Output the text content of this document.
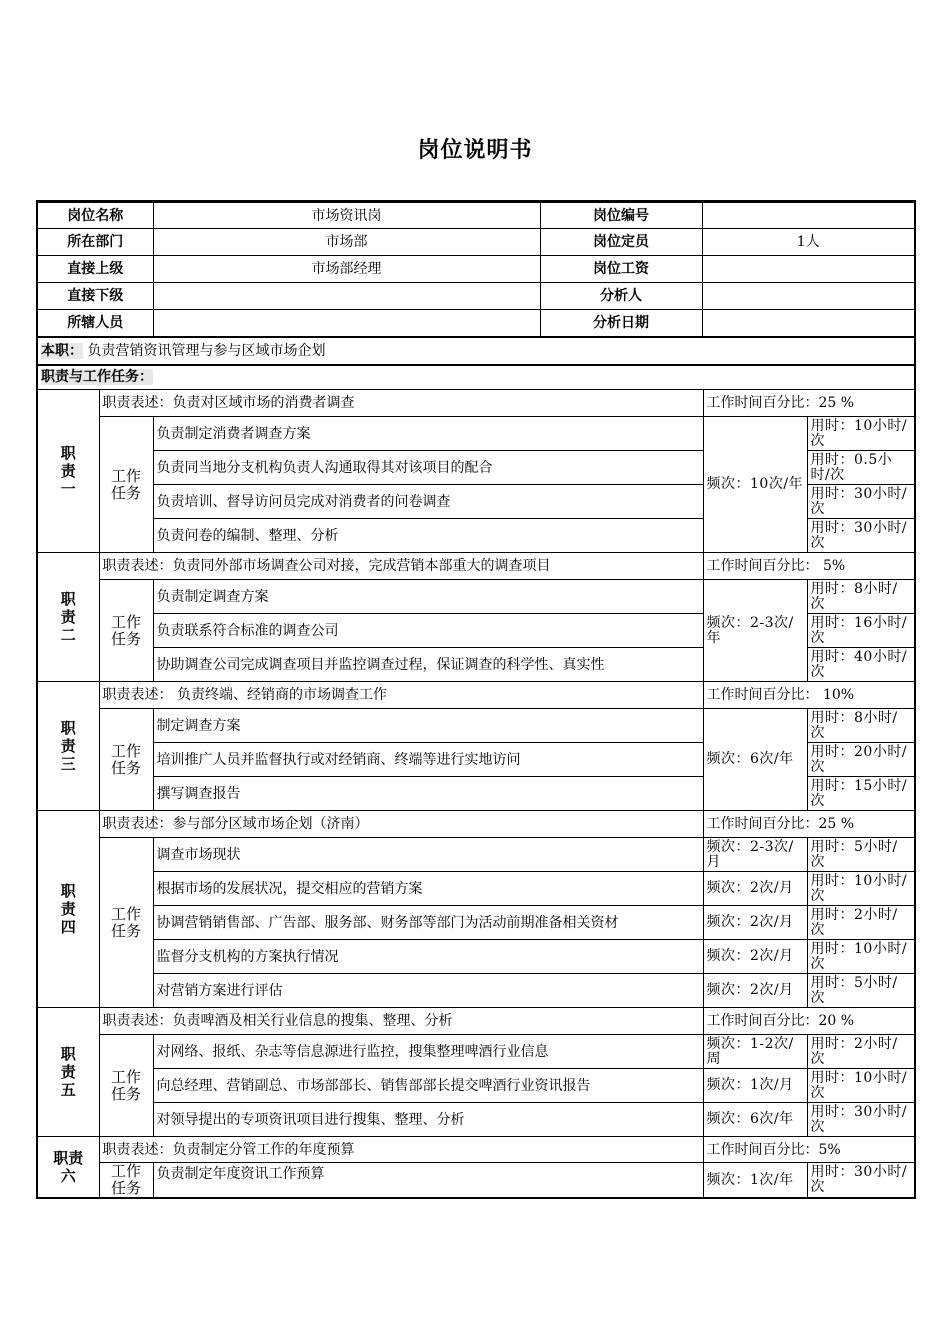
岗位说明书
岗位名称	市场资讯岗	岗位编号	
所在部门	市场部	岗位定员	1人
直接上级	市场部经理	岗位工资	
直接下级		分析人	
所辖人员		分析日期	
本职： 负责营销资讯管理与参与区域市场企划				
职责与工作任务：				
职责一	职责表述：负责对区域市场的消费者调查		工作时间百分比：25 %	
	工作任务	负责制定消费者调查方案	频次：10次/年	用时：10小时/次
		负责同当地分支机构负责人沟通取得其对该项目的配合		用时：0.5小时/次
		负责培训、督导访问员完成对消费者的问卷调查		用时：30小时/次
		负责问卷的编制、整理、分析		用时：30小时/次
职责二	职责表述：负责同外部市场调查公司对接，完成营销本部重大的调查项目		工作时间百分比： 5%	
	工作任务	负责制定调查方案	频次：2-3次/年	用时：8小时/次
		负责联系符合标准的调查公司		用时：16小时/次
		协助调查公司完成调查项目并监控调查过程，保证调查的科学性、真实性		用时：40小时/次
职责三	职责表述： 负责终端、经销商的市场调查工作		工作时间百分比： 10%	
	工作任务	制定调查方案	频次：6次/年	用时：8小时/次
		培训推广人员并监督执行或对经销商、终端等进行实地访问		用时：20小时/次
		撰写调查报告		用时：15小时/次
职责四	职责表述：参与部分区域市场企划（济南）		工作时间百分比：25 %	
	工作任务	调查市场现状	频次：2-3次/月	用时：5小时/次
		根据市场的发展状况，提交相应的营销方案	频次：2次/月	用时：10小时/次
		协调营销销售部、广告部、服务部、财务部等部门为活动前期准备相关资材	频次：2次/月	用时：2小时/次
		监督分支机构的方案执行情况	频次：2次/月	用时：10小时/次
		对营销方案进行评估	频次：2次/月	用时：5小时/次
职责五	职责表述：负责啤酒及相关行业信息的搜集、整理、分析		工作时间百分比：20 %	
	工作任务	对网络、报纸、杂志等信息源进行监控，搜集整理啤酒行业信息	频次：1-2次/ 周	用时：2小时/次
		向总经理、营销副总、市场部部长、销售部部长提交啤酒行业资讯报告	频次：1次/月	用时：10小时/次
		对领导提出的专项资讯项目进行搜集、整理、分析	频次：6次/年	用时：30小时/次
职责六	职责表述：负责制定分管工作的年度预算		工作时间百分比：5%	
	工作任务	负责制定年度资讯工作预算	频次：1次/年	用时：30小时/次
